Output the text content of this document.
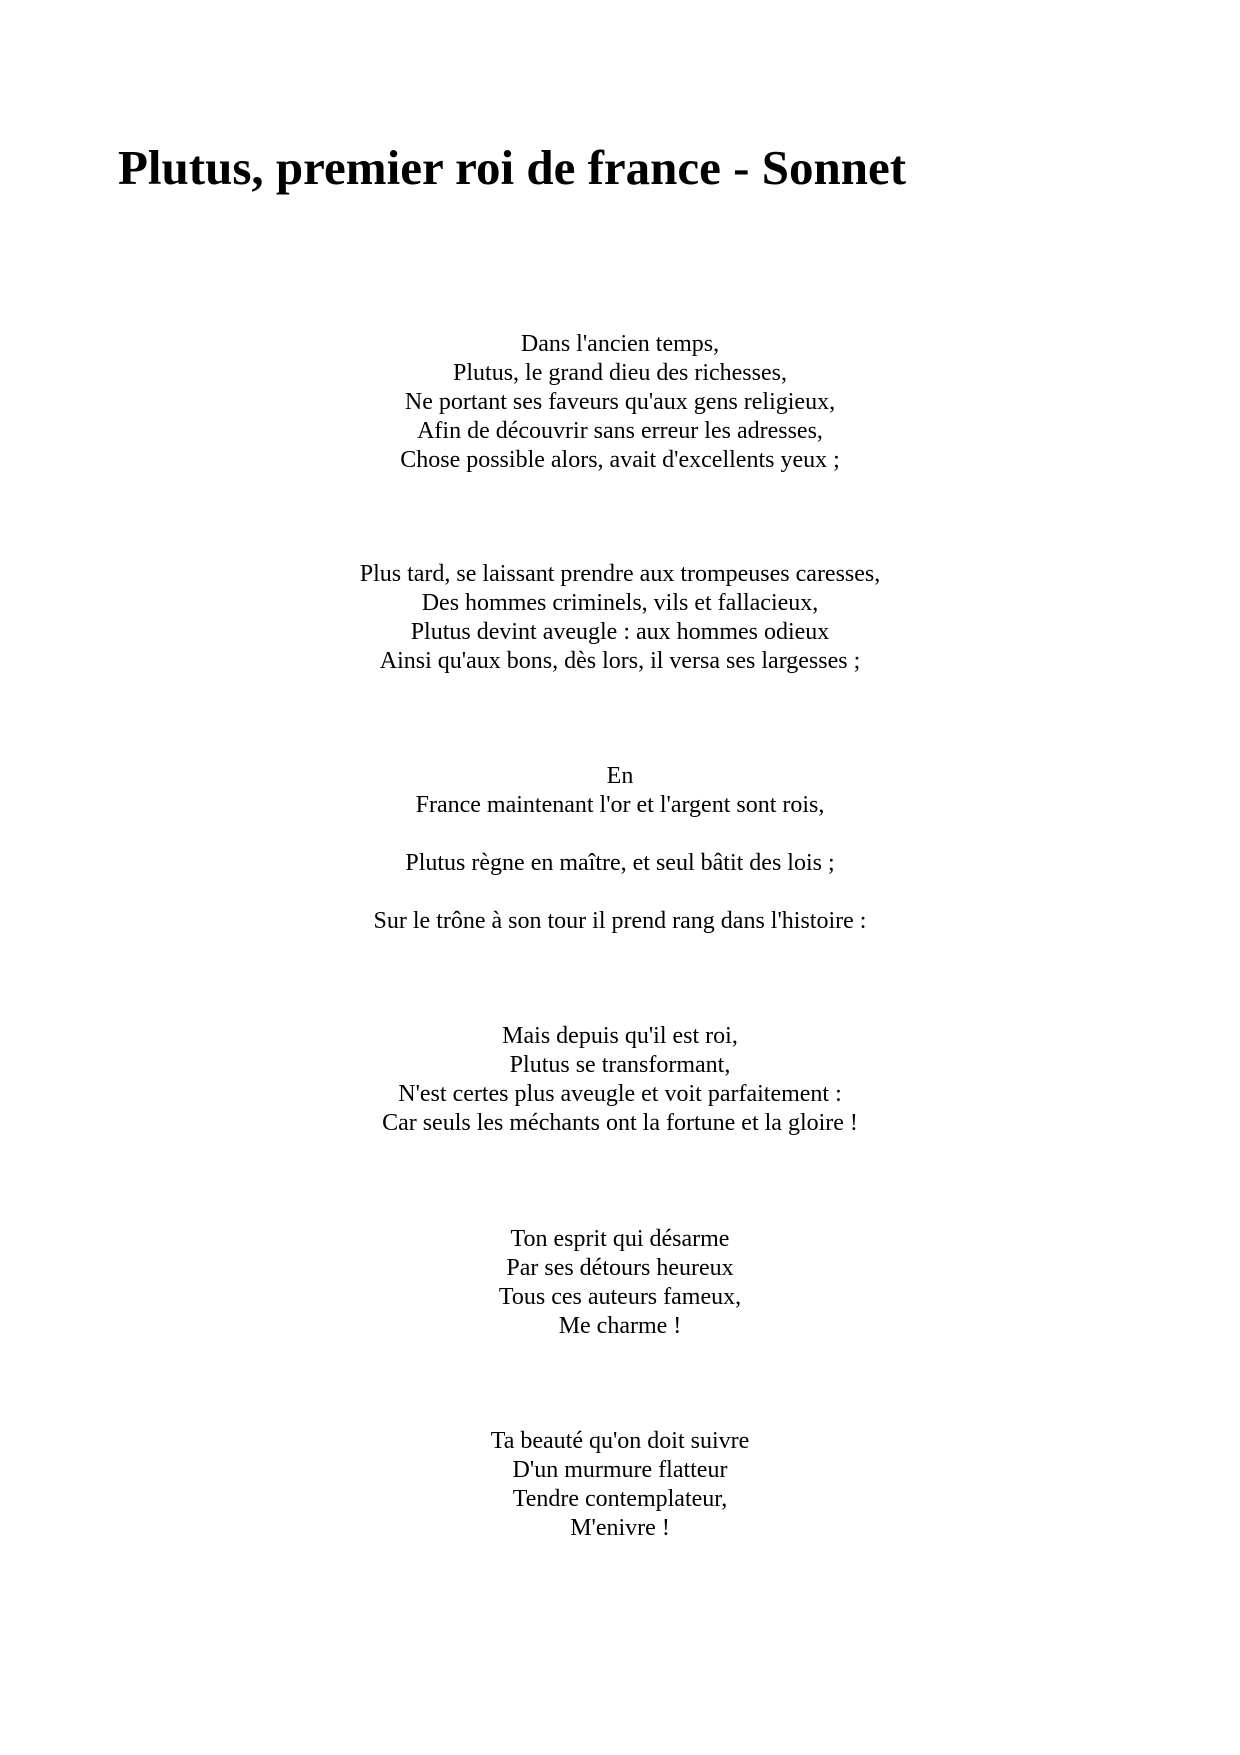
Plutus, premier roi de france - Sonnet
Dans l'ancien temps,
Plutus, le grand dieu des richesses,
Ne portant ses faveurs qu'aux gens religieux,
Afin de découvrir sans erreur les adresses,
Chose possible alors, avait d'excellents yeux ;
Plus tard, se laissant prendre aux trompeuses caresses,
Des hommes criminels, vils et fallacieux,
Plutus devint aveugle : aux hommes odieux
Ainsi qu'aux bons, dès lors, il versa ses largesses ;
En
France maintenant l'or et l'argent sont rois,
Plutus règne en maître, et seul bâtit des lois ;
Sur le trône à son tour il prend rang dans l'histoire :
Mais depuis qu'il est roi,
Plutus se transformant,
N'est certes plus aveugle et voit parfaitement :
Car seuls les méchants ont la fortune et la gloire !
Ton esprit qui désarme
Par ses détours heureux
Tous ces auteurs fameux,
Me charme !
Ta beauté qu'on doit suivre
D'un murmure flatteur
Tendre contemplateur,
M'enivre !
